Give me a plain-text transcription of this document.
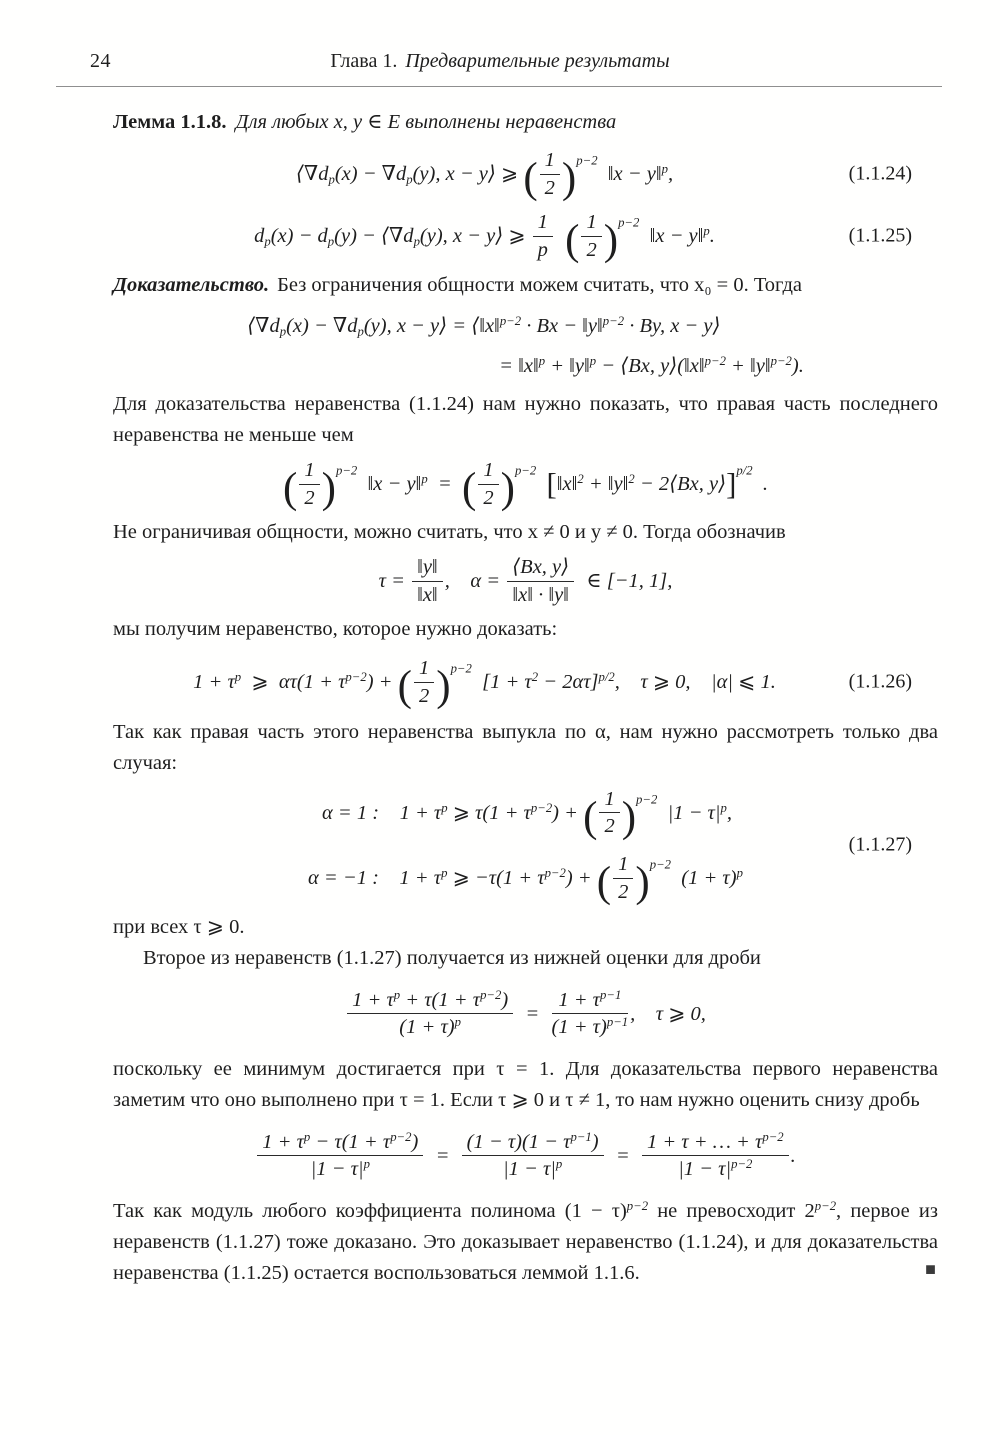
24	Глава 1. Предварительные результаты

Лемма 1.1.8. Для любых x, y ∈ E выполнены неравенства

$⟨\nabla d_p(x) - \nabla d_p(y)$, x − y⟩ ⩾ ( $\frac{1}{2} )^{p-2}$ ‖x − y‖$^p$,	(1.1.24)
$d_p(x) - d_p(y)$ − $⟨\nabla d_p(y)$, x − y⟩ ⩾ $\frac{1}{p}$
  ( $\frac{1}{2} )^{p-2}$ ‖x − y‖$^p$.	(1.1.25)

Доказательство. Без ограничения общности можем считать, что x₀ = 0. Тогда

$⟨\nabla d_p(x) - \nabla d_p(y)$, x − y⟩ = ⟨‖x‖$^{p-2}$ · Bx − ‖y‖$^{p-2}$ · By, x − y⟩
= ‖x‖$^p$ + ‖y‖$^p$ − ⟨Bx, y⟩(‖x‖$^{p-2}$ + ‖y‖$^{p-2}$).

Для доказательства неравенства (1.1.24) нам нужно показать, что правая часть последнего неравенства не меньше чем

( $\frac{1}{2} )^{p-2}$ ‖x − y‖$^p$ = ( $\frac{1}{2} )^{p-2}$  [‖x‖$^2$ + ‖y‖$^2$ − 2⟨Bx, y⟩]$^{p/2}$ .

Не ограничивая общности, можно считать, что x ≠ 0 и y ≠ 0. Тогда обозначив

$\tau = \frac{‖y‖}{‖x‖}$ , $\alpha = \frac{⟨Bx, y⟩}{‖x‖ \cdot ‖y‖}$  ∈ [−1, 1],

мы получим неравенство, которое нужно доказать:

$1 + \tau^p$ ⩾ $\alpha\tau(1 + \tau^{p-2})$ + ( $\frac{1}{2} )^{p-2}$ $[1 + \tau^2 - 2\alpha\tau]^{p/2}$, τ ⩾ 0, |α| ⩽ 1.	(1.1.26)

Так как правая часть этого неравенства выпукла по α, нам нужно рассмотреть только два случая:

α = 1 : $1 + \tau^p$ ⩾ $\tau(1 + \tau^{p-2})$ + ( $\frac{1}{2} )^{p-2}$ $|1 - \tau|^p$,
α = −1 : $1 + \tau^p$ ⩾ $-\tau(1 + \tau^{p-2})$ + ( $\frac{1}{2} )^{p-2}$ $(1 + \tau)^p$
(1.1.27)

при всех τ ⩾ 0.

Второе из неравенств (1.1.27) получается из нижней оценки для дроби

$\frac{1 + \tau^p + \tau(1 + \tau^{p-2})}{(1 + \tau)^p}$  =  $\frac{1 + \tau^{p-1}}{(1 + \tau)^{p-1}}$ , τ ⩾ 0,

поскольку ее минимум достигается при τ = 1. Для доказательства первого неравенства заметим что оно выполнено при τ = 1. Если τ ⩾ 0 и τ ≠ 1, то нам нужно оценить снизу дробь

$\frac{1 + \tau^p - \tau(1 + \tau^{p-2})}{|1 - \tau|^p}$  =  $\frac{(1 - \tau)(1 - \tau^{p-1})}{|1 - \tau|^p}$  =  $\frac{1 + \tau + \dots + \tau^{p-2}}{|1 - \tau|^{p-2}}$ .

Так как модуль любого коэффициента полинома $(1 - \tau)^{p-2}$ не превосходит $2^{p-2}$, первое из неравенств (1.1.27) тоже доказано. Это доказывает неравенство (1.1.24), и для доказательства неравенства (1.1.25) остается воспользоваться леммой 1.1.6.	■
